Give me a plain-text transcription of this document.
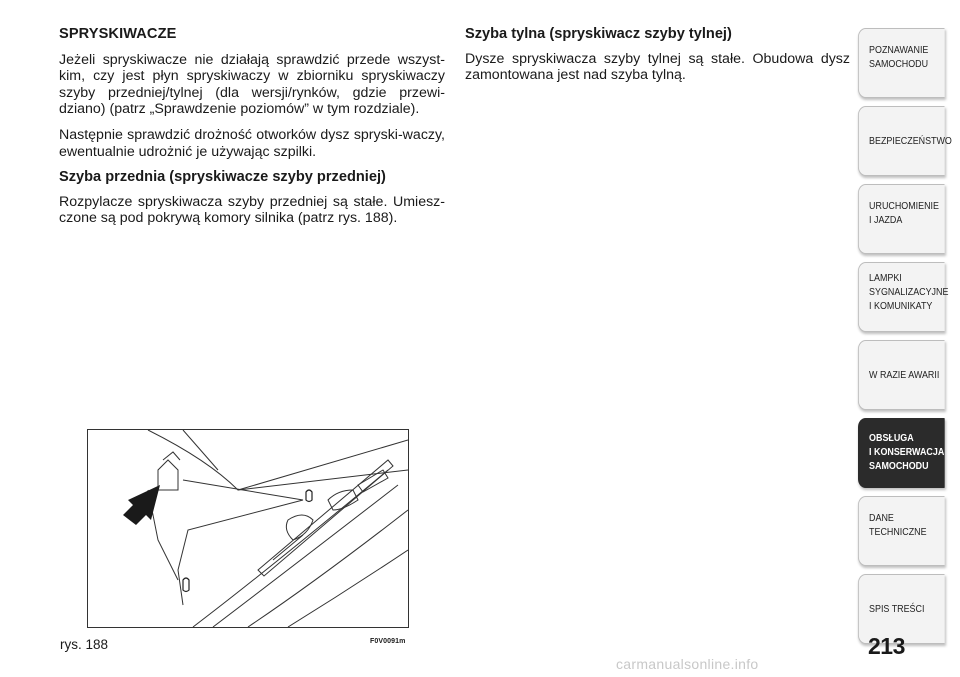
SPRYSKIWACZE

Jeżeli spryskiwacze nie działają sprawdzić przede wszyst-kim, czy jest płyn spryskiwaczy w zbiorniku spryskiwaczy szyby przedniej/tylnej (dla wersji/rynków, gdzie przewi-dziano) (patrz „Sprawdzenie poziomów” w tym rozdziale).

Następnie sprawdzić drożność otworków dysz spryski-waczy, ewentualnie udrożnić je używając szpilki.

Szyba przednia (spryskiwacze szyby przedniej)

Rozpylacze spryskiwacza szyby przedniej są stałe. Umiesz-czone są pod pokrywą komory silnika (patrz rys. 188).

Szyba tylna (spryskiwacz szyby tylnej)

Dysze spryskiwacza szyby tylnej są stałe. Obudowa dysz zamontowana jest nad szyba tylną.

rys. 188	F0V0091m
POZNAWANIE
SAMOCHODU
BEZPIECZEŃSTWO
URUCHOMIENIE
I JAZDA
LAMPKI
SYGNALIZACYJNE
I KOMUNIKATY
W RAZIE AWARII
OBSŁUGA
I KONSERWACJA
SAMOCHODU
DANE
TECHNICZNE
SPIS TREŚCI
213
carmanualsonline.info
